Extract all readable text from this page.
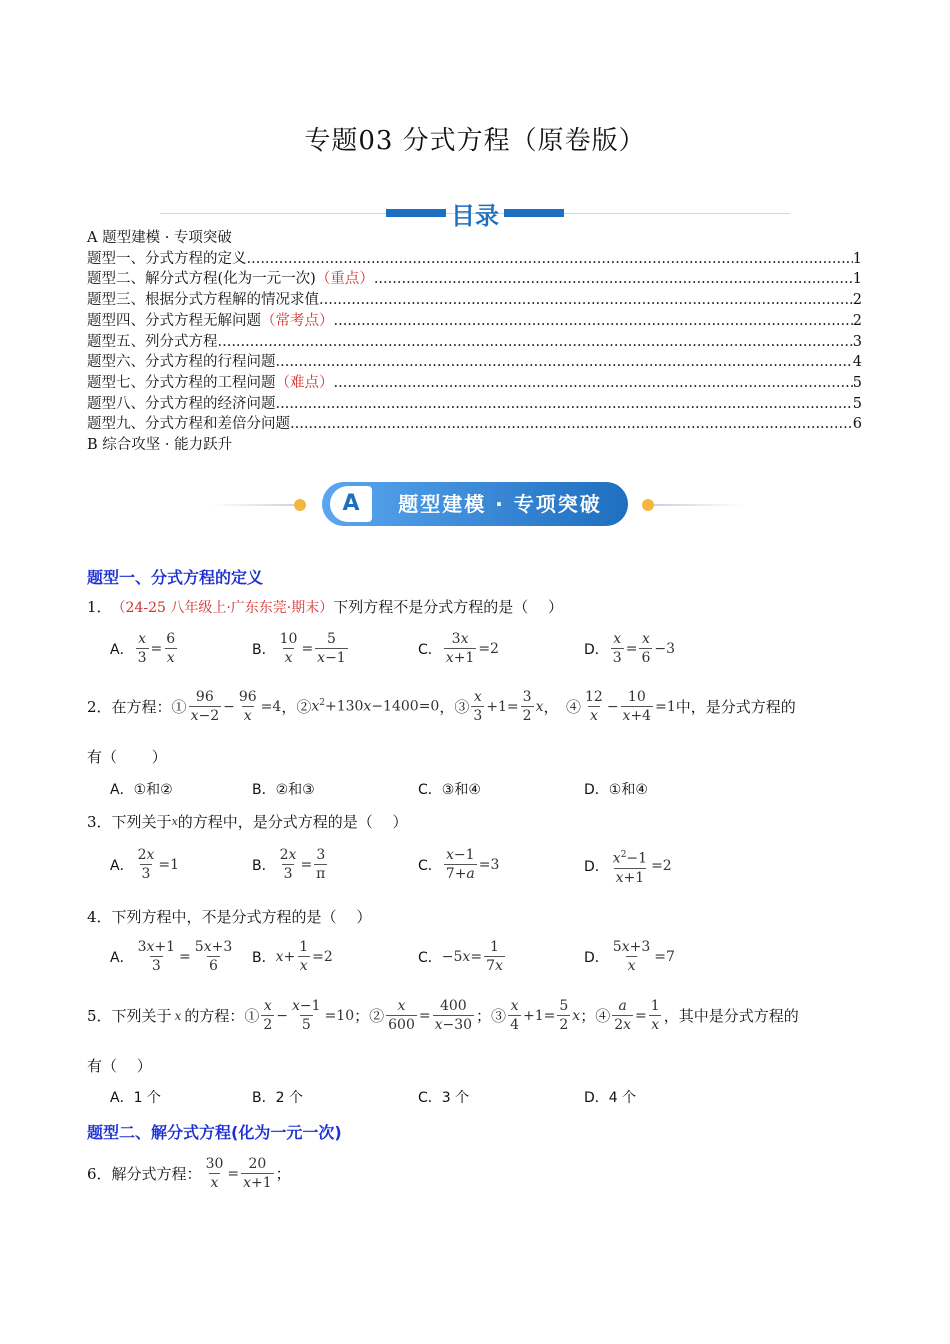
专题03 分式方程（原卷版）
目录
A 题型建模 · 专项突破
题型一、分式方程的定义 .....	1
题型二、解分式方程(化为一元一次) （重点） .....	1
题型三、根据分式方程解的情况求值 .....	2
题型四、分式方程无解问题 （常考点） .....	2
题型五、列分式方程 .....	3
题型六、分式方程的行程问题 .....	4
题型七、分式方程的工程问题 （难点） .....	5
题型八、分式方程的经济问题 .....	5
题型九、分式方程和差倍分问题 .....	6
B 综合攻坚 · 能力跃升
A	题型建模 · 专项突破
题型一、分式方程的定义
1． （24-25 八年级上·广东东莞·期末） 下列方程不是分式方程的是（　 ）
A． $\frac{x}{3} = \frac{6}{x}$	B． $\frac{10}{x} = \frac{5}{x-1}$	C． $\frac{3x}{x+1} =2$	D． $\frac{x}{3} = \frac{x}{6} -3$
2． 在方程：① $\frac{96}{x-2} - \frac{96}{x} =4$ ，② $x^2+130x-1400=0$ ，③ $\frac{x}{3} +1= \frac{3}{2}$ x ，　④ $\frac{12}{x} - \frac{10}{x+4} =1$ 中，是分式方程的
有（　　 ）
A．①和②	B．②和③	C．③和④	D．①和④
3． 下列关于 x 的方程中，是分式方程的是（　 ）
A． $\frac{2x}{3} =1$	B． $\frac{2x}{3} = \frac{3}{\pi}$	C． $\frac{x-1}{7+a} =3$	D． $\frac{x^2-1}{x+1} =2$
4． 下列方程中，不是分式方程的是（　 ）
A． $\frac{3x+1}{3} = \frac{5x+3}{6}$ B． $x + \frac{1}{x} =2$	C． −5 $x = \frac{1}{7x}$	D． $\frac{5x+3}{x} =7$
5． 下列关于 x 的方程：① $\frac{x}{2} - \frac{x-1}{5} =10$ ；② $\frac{x}{600} = \frac{400}{x-30}$ ；③ $\frac{x}{4} +1= \frac{5}{2}$ x ；④ $\frac{a}{2x} = \frac{1}{x}$ ，其中是分式方程的
有（　 ）
A．1 个	B．2 个	C．3 个	D．4 个
题型二、解分式方程(化为一元一次)
6． 解分式方程： $\frac{30}{x} = \frac{20}{x+1}$ ；
